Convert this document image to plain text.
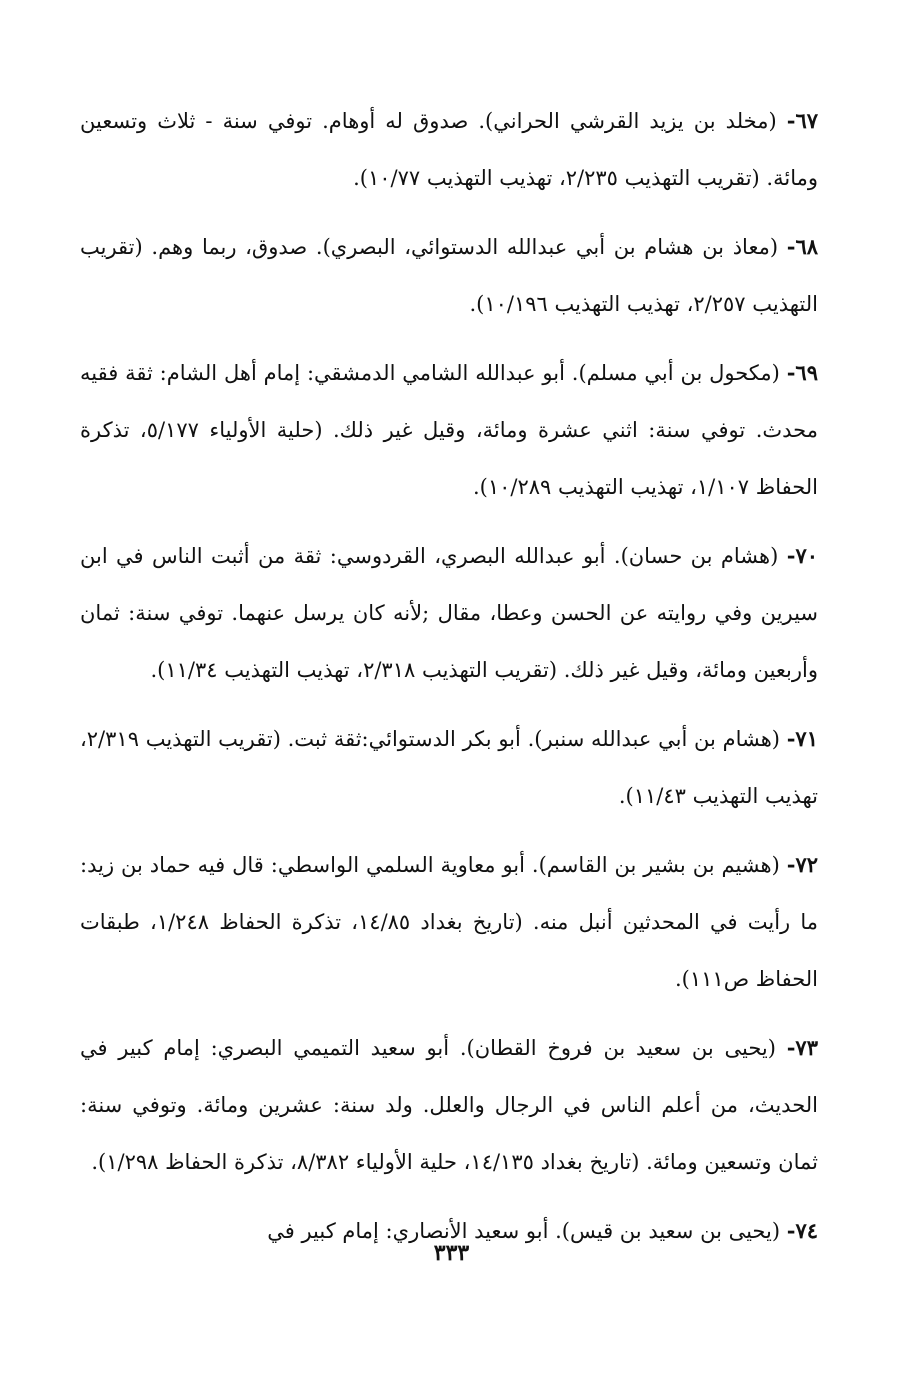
٦٧- (مخلد بن يزيد القرشي الحراني). صدوق له أوهام. توفي سنة - ثلاث وتسعين ومائة. (تقريب التهذيب ٢/٢٣٥، تهذيب التهذيب ١٠/٧٧).

٦٨- (معاذ بن هشام بن أبي عبدالله الدستوائي، البصري). صدوق، ربما وهم. (تقريب التهذيب ٢/٢٥٧، تهذيب التهذيب ١٠/١٩٦).

٦٩- (مكحول بن أبي مسلم). أبو عبدالله الشامي الدمشقي: إمام أهل الشام: ثقة فقيه محدث. توفي سنة: اثني عشرة ومائة، وقيل غير ذلك. (حلية الأولياء ٥/١٧٧، تذكرة الحفاظ ١/١٠٧، تهذيب التهذيب ١٠/٢٨٩).

٧٠- (هشام بن حسان). أبو عبدالله البصري، القردوسي: ثقة من أثبت الناس في ابن سيرين وفي روايته عن الحسن وعطا، مقال ;لأنه كان يرسل عنهما. توفي سنة: ثمان وأربعين ومائة، وقيل غير ذلك. (تقريب التهذيب ٢/٣١٨، تهذيب التهذيب ١١/٣٤).

٧١- (هشام بن أبي عبدالله سنبر). أبو بكر الدستوائي:ثقة ثبت. (تقريب التهذيب ٢/٣١٩، تهذيب التهذيب ١١/٤٣).

٧٢- (هشيم بن بشير بن القاسم). أبو معاوية السلمي الواسطي: قال فيه حماد بن زيد: ما رأيت في المحدثين أنبل منه. (تاريخ بغداد ١٤/٨٥، تذكرة الحفاظ ١/٢٤٨، طبقات الحفاظ ص١١١).

٧٣- (يحيى بن سعيد بن فروخ القطان). أبو سعيد التميمي البصري: إمام كبير في الحديث، من أعلم الناس في الرجال والعلل. ولد سنة: عشرين ومائة. وتوفي سنة: ثمان وتسعين ومائة. (تاريخ بغداد ١٤/١٣٥، حلية الأولياء ٨/٣٨٢، تذكرة الحفاظ ١/٢٩٨).

٧٤- (يحيى بن سعيد بن قيس). أبو سعيد الأنصاري: إمام كبير في

٣٣٣
